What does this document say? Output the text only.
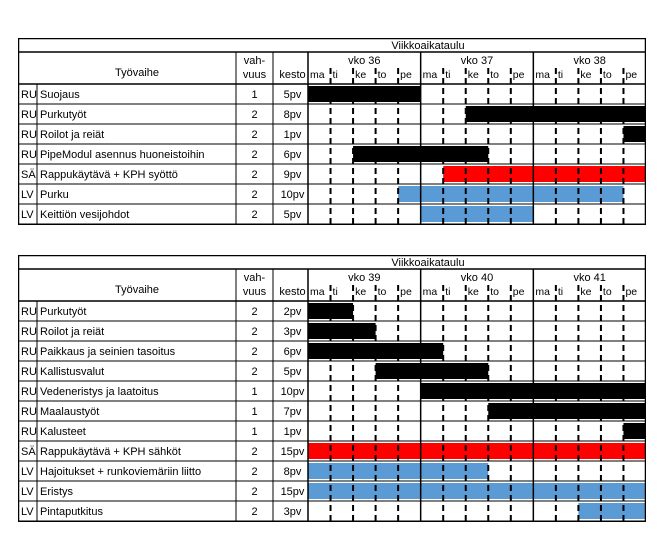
Viikkoaikataulu
Työvaihe
vah-
vuus kesto
vko 36
ma ti ke to pe
vko 37
ma ti ke to pe
vko 38
ma ti ke to pe
RU Suojaus	1 5pv
RU Purkutyöt	2 8pv
RU Roilot ja reiät	2 1pv
RU PipeModul asennus huoneistoihin	2 6pv
SÄ Rappukäytävä + KPH syöttö	2 9pv
LV Purku	2 10pv
LV Keittiön vesijohdot	2 5pv
Viikkoaikataulu
Työvaihe
vah-
vuus kesto
vko 39
ma ti ke to pe
vko 40
ma ti ke to pe
vko 41
ma ti ke to pe
RU Purkutyöt	2 2pv
RU Roilot ja reiät	2 3pv
RU Paikkaus ja seinien tasoitus	2 6pv
RU Kallistusvalut	2 5pv
RU Vedeneristys ja laatoitus	1 10pv
RU Maalaustyöt	1 7pv
RU Kalusteet	1 1pv
SÄ Rappukäytävä + KPH sähköt	2 15pv
LV Hajoitukset + runkoviemäriin liitto	2 8pv
LV Eristys	2 15pv
LV Pintaputkitus	2 3pv
